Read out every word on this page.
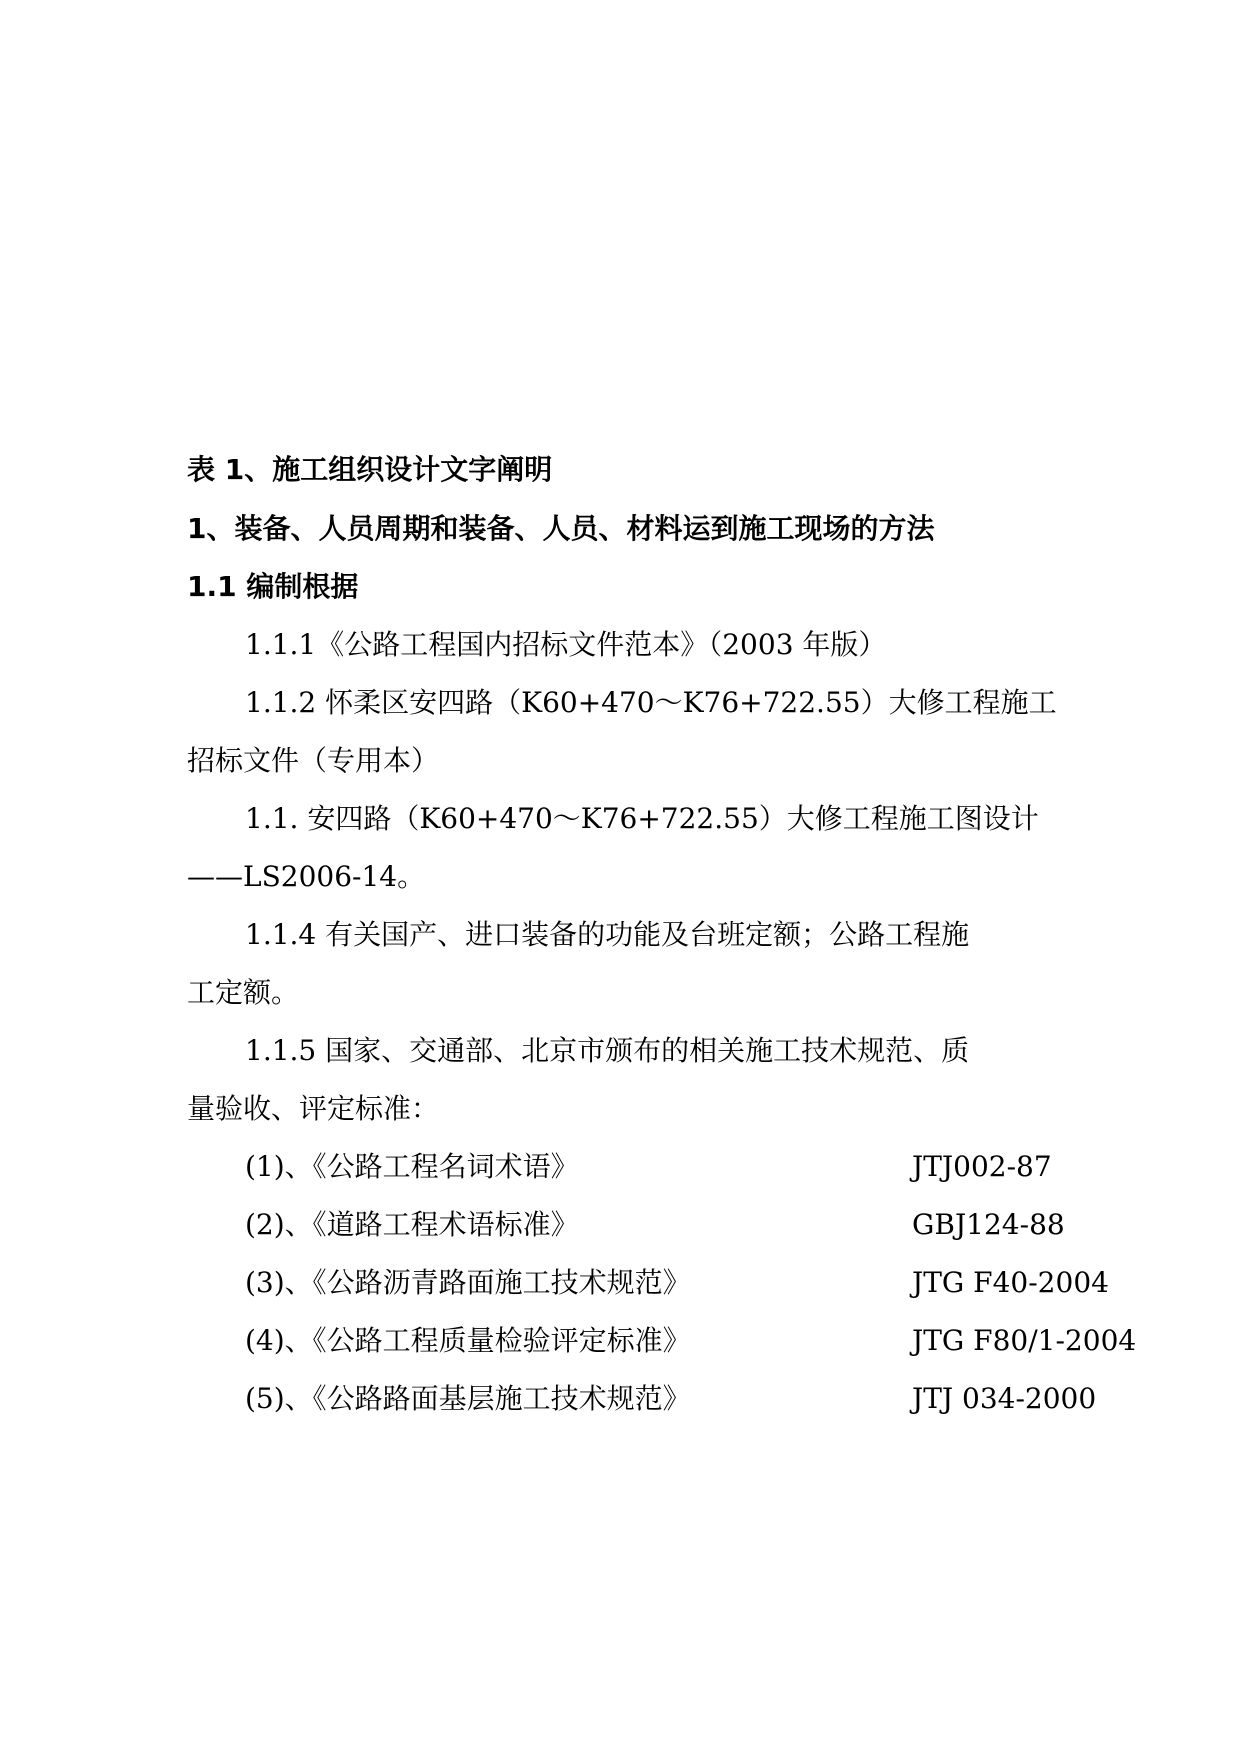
表 1、施工组织设计文字阐明
1、装备、人员周期和装备、人员、材料运到施工现场的方法
1.1 编制根据
1.1.1《公路工程国内招标文件范本》（2003 年版）
1.1.2 怀柔区安四路（K60+470～K76+722.55）大修工程施工
招标文件（专用本）
1.1. 安四路（K60+470～K76+722.55）大修工程施工图设计
——LS2006-14。
1.1.4 有关国产、进口装备的功能及台班定额；公路工程施
工定额。
1.1.5 国家、交通部、北京市颁布的相关施工技术规范、质
量验收、评定标准：
(1)、《公路工程名词术语》	JTJ002-87
(2)、《道路工程术语标准》	GBJ124-88
(3)、《公路沥青路面施工技术规范》	JTG F40-2004
(4)、《公路工程质量检验评定标准》	JTG F80/1-2004
(5)、《公路路面基层施工技术规范》	JTJ 034-2000
